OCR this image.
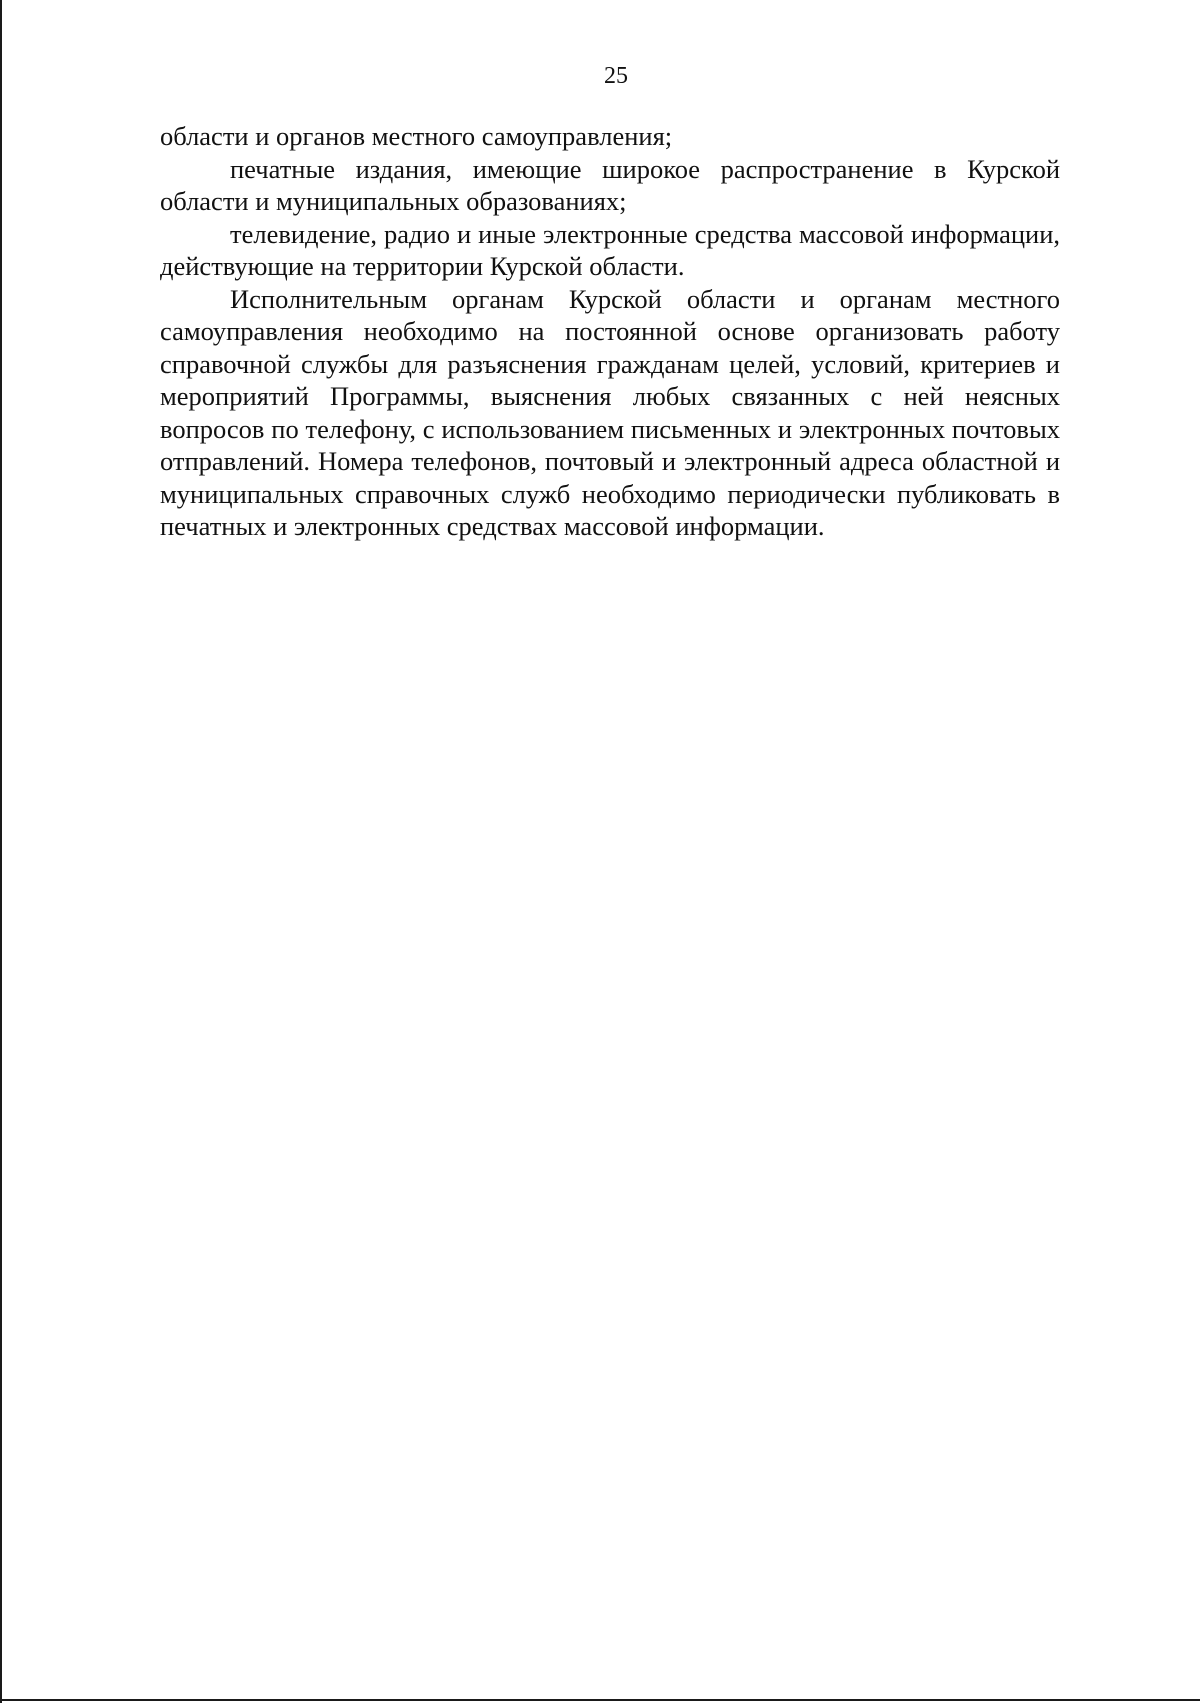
25

области и органов местного самоуправления;

печатные издания, имеющие широкое распространение в Курской области и муниципальных образованиях;

телевидение, радио и иные электронные средства массовой информации, действующие на территории Курской области.

Исполнительным органам Курской области и органам местного самоуправления необходимо на постоянной основе организовать работу справочной службы для разъяснения гражданам целей, условий, критериев и мероприятий Программы, выяснения любых связанных с ней неясных вопросов по телефону, с использованием письменных и электронных почтовых отправлений. Номера телефонов, почтовый и электронный адреса областной и муниципальных справочных служб необходимо периодически публиковать в печатных и электронных средствах массовой информации.
